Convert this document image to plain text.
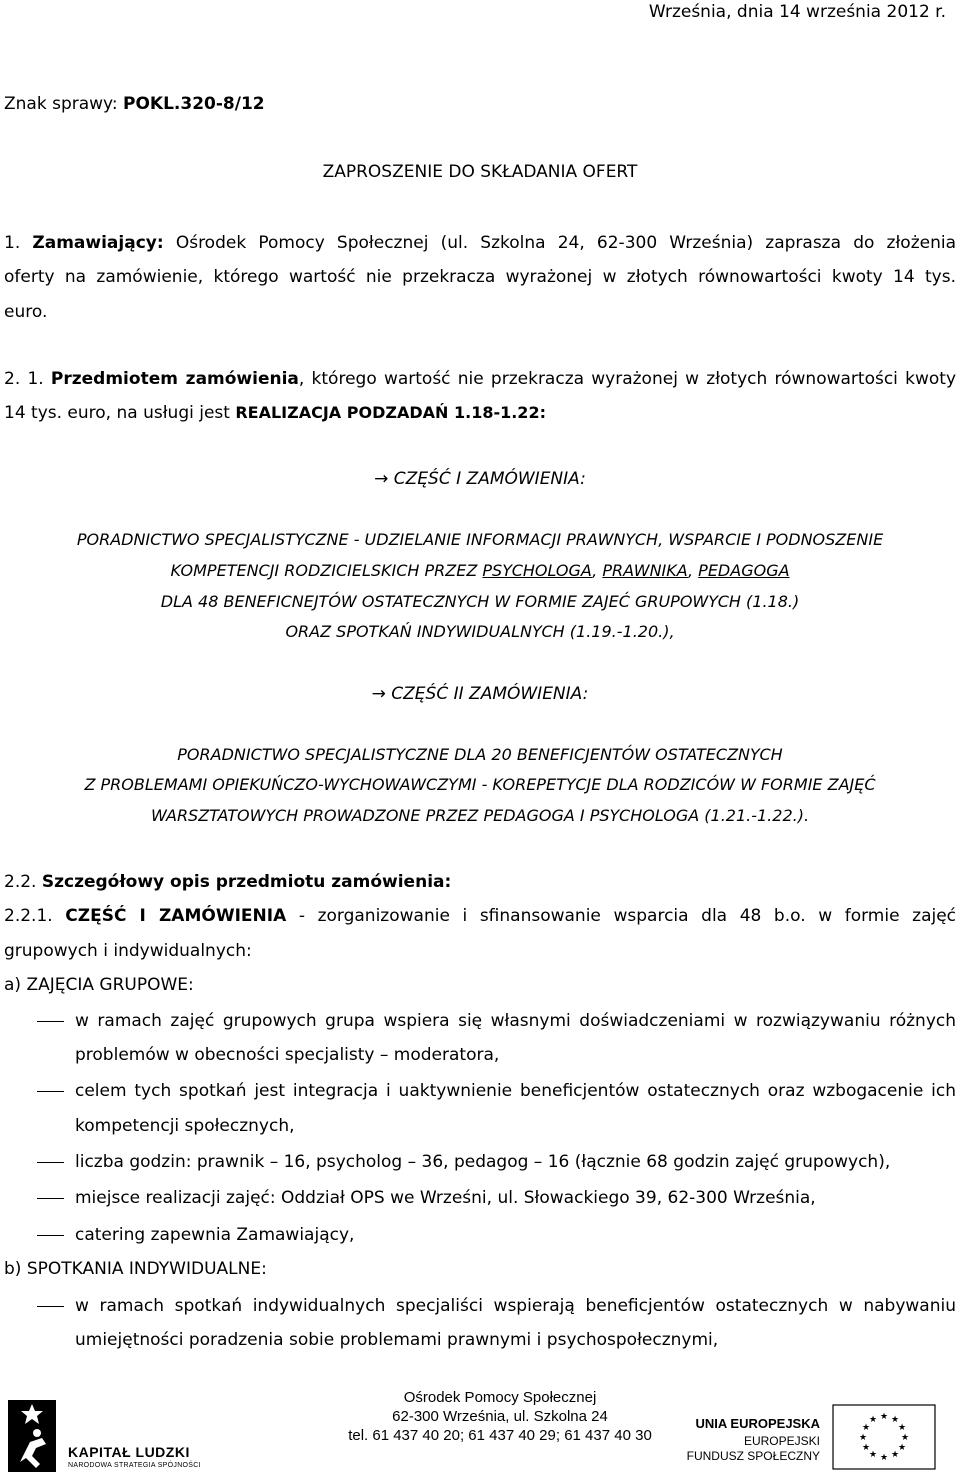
Września, dnia 14 września 2012 r.
Znak sprawy: POKL.320-8/12
ZAPROSZENIE DO SKŁADANIA OFERT
1. Zamawiający: Ośrodek Pomocy Społecznej (ul. Szkolna 24, 62-300 Września) zaprasza do złożenia
oferty na zamówienie, którego wartość nie przekracza wyrażonej w złotych równowartości kwoty 14 tys.
euro.
2. 1. Przedmiotem zamówienia, którego wartość nie przekracza wyrażonej w złotych równowartości kwoty
14 tys. euro, na usługi jest REALIZACJA PODZADAŃ 1.18-1.22:
→ CZĘŚĆ I ZAMÓWIENIA:
PORADNICTWO SPECJALISTYCZNE - UDZIELANIE INFORMACJI PRAWNYCH, WSPARCIE I PODNOSZENIE
KOMPETENCJI RODZICIELSKICH PRZEZ PSYCHOLOGA, PRAWNIKA, PEDAGOGA
DLA 48 BENEFICNEJTÓW OSTATECZNYCH W FORMIE ZAJEĆ GRUPOWYCH (1.18.)
ORAZ SPOTKAŃ INDYWIDUALNYCH (1.19.-1.20.),
→ CZĘŚĆ II ZAMÓWIENIA:
PORADNICTWO SPECJALISTYCZNE DLA 20 BENEFICJENTÓW OSTATECZNYCH
Z PROBLEMAMI OPIEKUŃCZO-WYCHOWAWCZYMI - KOREPETYCJE DLA RODZICÓW W FORMIE ZAJĘĆ
WARSZTATOWYCH PROWADZONE PRZEZ PEDAGOGA I PSYCHOLOGA (1.21.-1.22.).
2.2. Szczegółowy opis przedmiotu zamówienia:
2.2.1. CZĘŚĆ I ZAMÓWIENIA - zorganizowanie i sfinansowanie wsparcia dla 48 b.o. w formie zajęć
grupowych i indywidualnych:
a) ZAJĘCIA GRUPOWE:
w ramach zajęć grupowych grupa wspiera się własnymi doświadczeniami w rozwiązywaniu różnych
problemów w obecności specjalisty – moderatora,
celem tych spotkań jest integracja i uaktywnienie beneficjentów ostatecznych oraz wzbogacenie ich
kompetencji społecznych,
liczba godzin: prawnik – 16, psycholog – 36, pedagog – 16 (łącznie 68 godzin zajęć grupowych),
miejsce realizacji zajęć: Oddział OPS we Wrześni, ul. Słowackiego 39, 62-300 Września,
catering zapewnia Zamawiający,
b) SPOTKANIA INDYWIDUALNE:
w ramach spotkań indywidualnych specjaliści wspierają beneficjentów ostatecznych w nabywaniu
umiejętności poradzenia sobie problemami prawnymi i psychospołecznymi,
Ośrodek Pomocy Społecznej
62-300 Września, ul. Szkolna 24
tel. 61 437 40 20; 61 437 40 29; 61 437 40 30
KAPITAŁ LUDZKI
NARODOWA STRATEGIA SPÓJNOŚCI
UNIA EUROPEJSKA
EUROPEJSKI
FUNDUSZ SPOŁECZNY
★ ★
★
★
★
★
★
★
★
★
★
★
